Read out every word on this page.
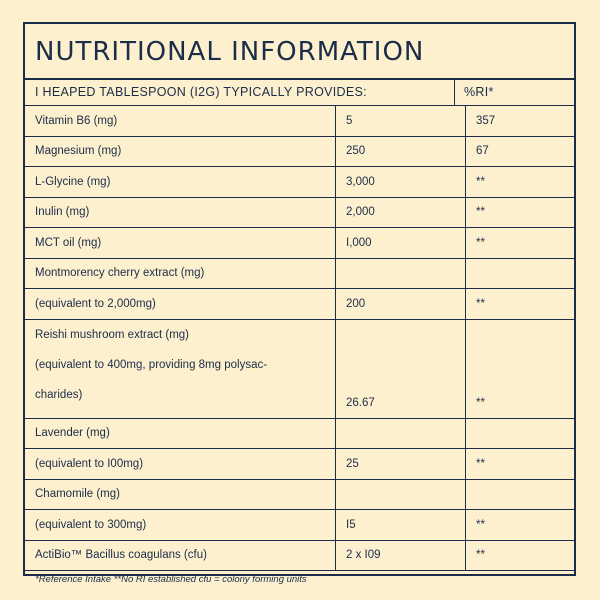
NUTRITIONAL INFORMATION
I HEAPED TABLESPOON (I2G) TYPICALLY PROVIDES:	%RI*
Vitamin B6 (mg)	5	357
Magnesium (mg)	250	67
L-Glycine (mg)	3,000	**
Inulin (mg)	2,000	**
MCT oil (mg)	I,000	**
Montmorency cherry extract (mg)		
(equivalent to 2,000mg)	200	**

Reishi mushroom extract (mg)
(equivalent to 400mg, providing 8mg polysac-
charides)	26.67	**
Lavender (mg)		
(equivalent to I00mg)	25	**
Chamomile (mg)		
(equivalent to 300mg)	I5	**
ActiBio™ Bacillus coagulans (cfu)	2 x I09	**
*Reference Intake **No RI established cfu = colony forming units
